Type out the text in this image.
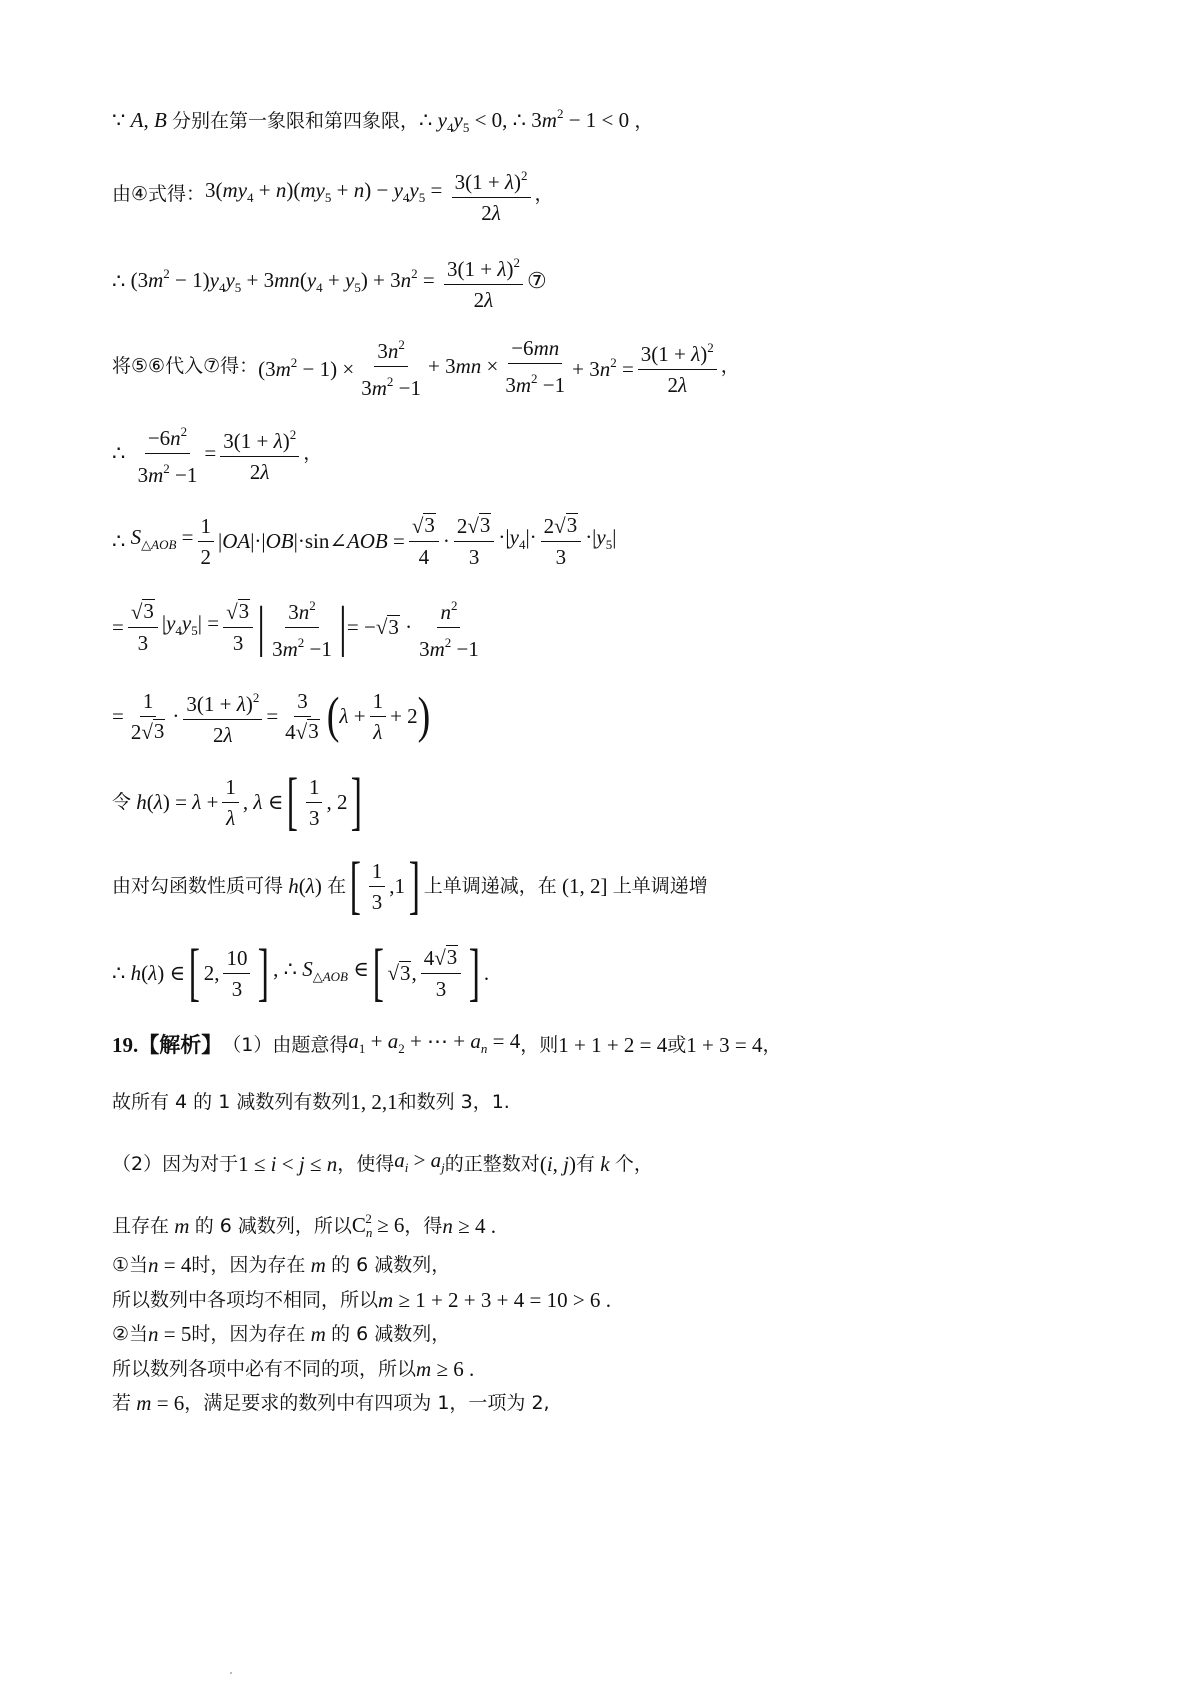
∵ A, B 分别在第一象限和第四象限，∴ $y_4y_5 < 0$, ∴ $3m^2 - 1 < 0$ ，
由④式得： $3(my_4 + n)(my_5 + n) - y_4y_5 = \frac{3(1 + \lambda)^2}{2\lambda}$ ，
∴
$(3m^2 - 1)y_4y_5 + 3mn(y_4 + y_5) + 3n^2 = \frac{3(1 + \lambda)^2}{2\lambda}$ ⑦
将⑤⑥代入⑦得： $(3m^2 - 1) \times \frac{3n^2}{3m^2 -1} + 3mn \times \frac{-6mn}{3m^2 -1} + 3n^2 = \frac{3(1 + \lambda)^2}{2\lambda}$ ，
∴
$\frac{-6n^2}{3m^2 -1} = \frac{3(1 + \lambda)^2}{2\lambda}$ ，
∴
$S_{\triangle AOB} = \frac{1}{2}$ |OA|·|OB|·sin∠AOB = $\frac{√ 3}{4} \cdot \frac{2√ 3}{3} \cdot|y_4|\cdot \frac{2√ 3}{3} \cdot|y_5|$
= $\frac{√ 3}{3} |y_4y_5| = \frac{√ 3}{3}$ | $\frac{3n^2}{3m^2 -1}$ | = −√ $3 \cdot \frac{n^2}{3m^2 -1}$
= $\frac{1}{2√ 3} \cdot \frac{3(1 + \lambda)^2}{2\lambda} = \frac{3}{4√ 3}$ ( $\lambda + \frac{1}{\lambda} + 2$ )
令 $h(\lambda) = \lambda + \frac{1}{\lambda}$ , λ ∈ [ $\frac{1}{3}$ , 2 ]
由对勾函数性质可得 h(λ) 在 [ $\frac{1}{3} ,1$ ] 上单调递减，在 (1, 2] 上单调递增
∴ h(λ) ∈ [ 2, $\frac{10}{3}$ ] , ∴ $S_{\triangle AOB}$ ∈ [ √ 3 , $\frac{4√ 3}{3}$ ] .
19.【解析】 （1）由题意得 $a_1 + a_2$ + ⋯ + $a_n = 4$ ，则 1 + 1 + 2 = 4 或 1 + 3 = 4 ，
故所有 4 的 1 减数列有数列 1, 2,1 和数列 3，1.
（2）因为对于 1 ≤ i < j ≤ n ，使得 $a_i > a_j$ 的正整数对 (i, j) 有 k 个，
且存在 m 的 6 减数列，所以 $C_n^2 \ge 6$ ，得 n ≥ 4 .
①当 n = 4 时，因为存在 m 的 6 减数列，
所以数列中各项均不相同，所以 m ≥ 1 + 2 + 3 + 4 = 10 > 6 .
②当 n = 5 时，因为存在 m 的 6 减数列，
所以数列各项中必有不同的项，所以 m ≥ 6 .
若 m = 6 ，满足要求的数列中有四项为 1，一项为 2,
